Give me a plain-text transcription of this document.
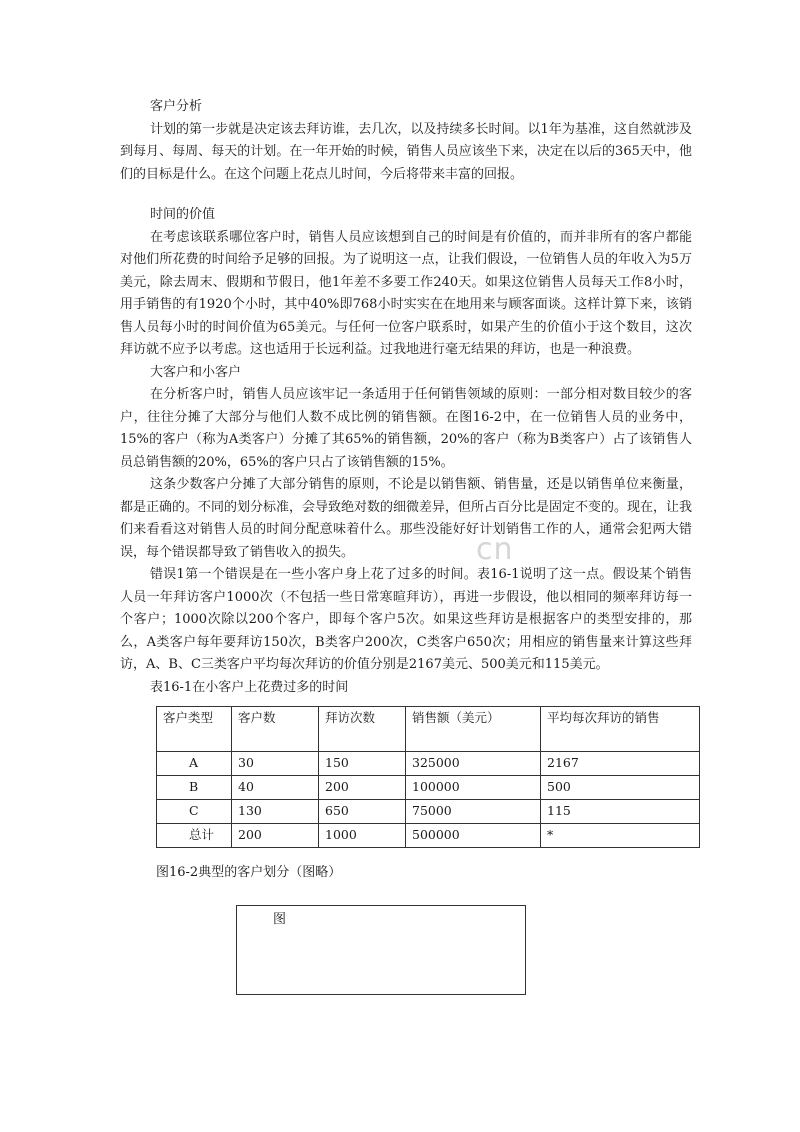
cn

客户分析

计划的第一步就是决定该去拜访谁，去几次，以及持续多长时间。以1年为基准，这自然就涉及到每月、每周、每天的计划。在一年开始的时候，销售人员应该坐下来，决定在以后的365天中，他们的目标是什么。在这个问题上花点儿时间，今后将带来丰富的回报。

时间的价值

在考虑该联系哪位客户时，销售人员应该想到自己的时间是有价值的，而并非所有的客户都能对他们所花费的时间给予足够的回报。为了说明这一点，让我们假设，一位销售人员的年收入为5万美元，除去周末、假期和节假日，他1年差不多要工作240天。如果这位销售人员每天工作8小时，用手销售的有1920个小时，其中40%即768小时实实在在地用来与顾客面谈。这样计算下来，该销售人员每小时的时间价值为65美元。与任何一位客户联系时，如果产生的价值小于这个数目，这次拜访就不应予以考虑。这也适用于长远利益。过我地进行毫无结果的拜访，也是一种浪费。

大客户和小客户

在分析客户时，销售人员应该牢记一条适用于任何销售领域的原则：一部分相对数目较少的客户，往往分摊了大部分与他们人数不成比例的销售额。在图16-2中，在一位销售人员的业务中，15%的客户（称为A类客户）分摊了其65%的销售额，20%的客户（称为B类客户）占了该销售人员总销售额的20%，65%的客户只占了该销售额的15%。

这条少数客户分摊了大部分销售的原则，不论是以销售额、销售量，还是以销售单位来衡量，都是正确的。不同的划分标准，会导致绝对数的细微差异，但所占百分比是固定不变的。现在，让我们来看看这对销售人员的时间分配意味着什么。那些没能好好计划销售工作的人，通常会犯两大错误，每个错误都导致了销售收入的损失。

错误1第一个错误是在一些小客户身上花了过多的时间。表16-1说明了这一点。假设某个销售人员一年拜访客户1000次（不包括一些日常寒暄拜访），再进一步假设，他以相同的频率拜访每一个客户；1000次除以200个客户，即每个客户5次。如果这些拜访是根据客户的类型安排的，那么，A类客户每年要拜访150次，B类客户200次，C类客户650次；用相应的销售量来计算这些拜访，A、B、C三类客户平均每次拜访的价值分别是2167美元、500美元和115美元。

表16-1在小客户上花费过多的时间

客户类型	客户数	拜访次数	销售额（美元）	平均每次拜访的销售
A	30	150	325000	2167
B	40	200	100000	500
C	130	650	75000	115
总计	200	1000	500000	*
图16-2典型的客户划分（图略）
图
